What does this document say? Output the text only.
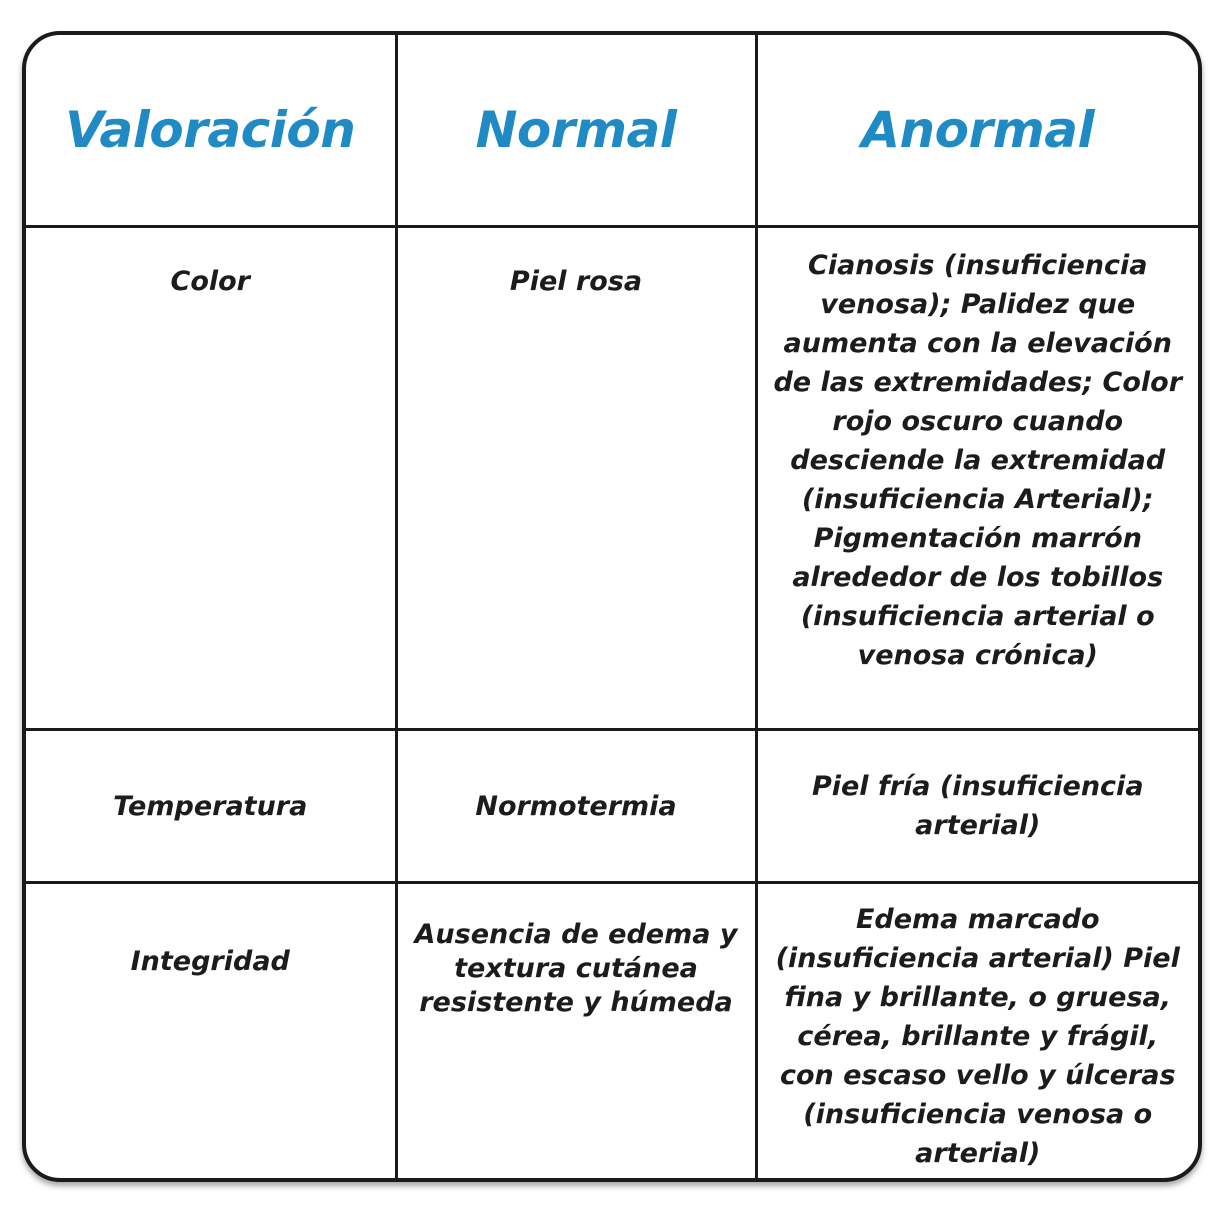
Valoración	Normal	Anormal
Color	Piel rosa	Cianosis (insuficiencia venosa); Palidez que aumenta con la elevación de las extremidades; Color rojo oscuro cuando desciende la extremidad (insuficiencia Arterial); Pigmentación marrón alrededor de los tobillos (insuficiencia arterial o venosa crónica)
Temperatura	Normotermia	Piel fría (insuficiencia arterial)
Integridad	Ausencia de edema y textura cutánea resistente y húmeda	Edema marcado (insuficiencia arterial) Piel fina y brillante, o gruesa, cérea, brillante y frágil, con escaso vello y úlceras (insuficiencia venosa o arterial)
